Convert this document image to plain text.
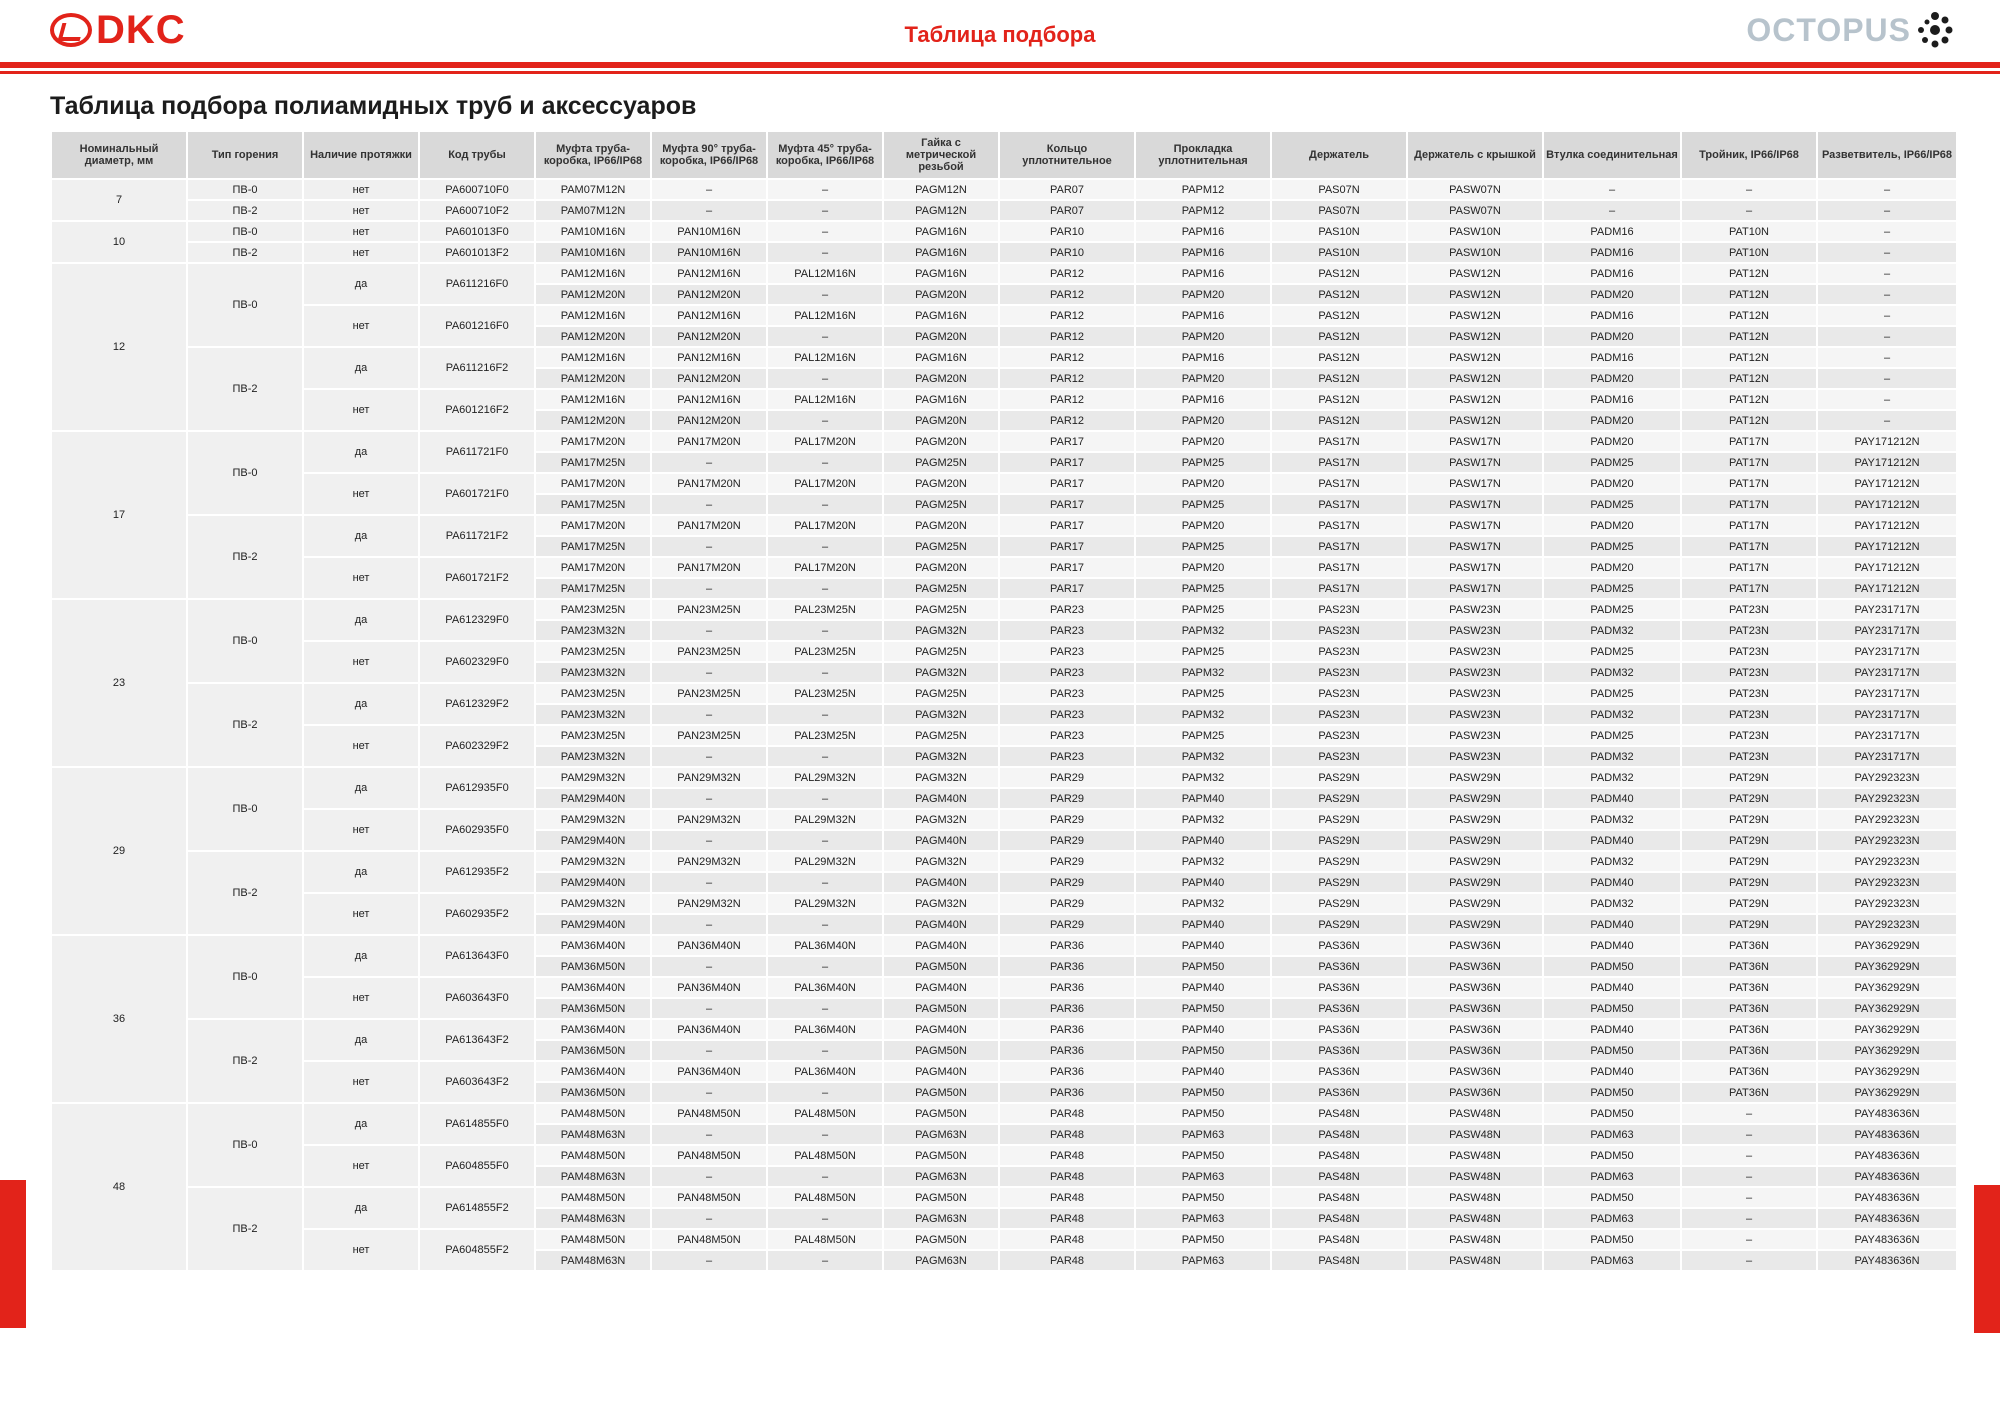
DKC	Таблица подбора	OCTOPUS
Таблица подбора полиамидных труб и аксессуаров
Номинальный диаметр, мм	Тип горения	Наличие протяжки	Код трубы	Муфта труба-коробка, IP66/IP68	Муфта 90° труба-коробка, IP66/IP68	Муфта 45° труба-коробка, IP66/IP68	Гайка с метрической резьбой	Кольцо уплотнительное	Прокладка уплотнительная	Держатель	Держатель с крышкой	Втулка соединительная	Тройник, IP66/IP68	Разветвитель, IP66/IP68
7	ПВ-0	нет	PA600710F0	PAM07M12N	–	–	PAGM12N	PAR07	PAPM12	PAS07N	PASW07N	–	–	–
	ПВ-2	нет	PA600710F2	PAM07M12N	–	–	PAGM12N	PAR07	PAPM12	PAS07N	PASW07N	–	–	–
10	ПВ-0	нет	PA601013F0	PAM10M16N	PAN10M16N	–	PAGM16N	PAR10	PAPM16	PAS10N	PASW10N	PADM16	PAT10N	–
	ПВ-2	нет	PA601013F2	PAM10M16N	PAN10M16N	–	PAGM16N	PAR10	PAPM16	PAS10N	PASW10N	PADM16	PAT10N	–
12	ПВ-0	да	PA611216F0	PAM12M16N	PAN12M16N	PAL12M16N	PAGM16N	PAR12	PAPM16	PAS12N	PASW12N	PADM16	PAT12N	–
				PAM12M20N	PAN12M20N	–	PAGM20N	PAR12	PAPM20	PAS12N	PASW12N	PADM20	PAT12N	–
		нет	PA601216F0	PAM12M16N	PAN12M16N	PAL12M16N	PAGM16N	PAR12	PAPM16	PAS12N	PASW12N	PADM16	PAT12N	–
				PAM12M20N	PAN12M20N	–	PAGM20N	PAR12	PAPM20	PAS12N	PASW12N	PADM20	PAT12N	–
	ПВ-2	да	PA611216F2	PAM12M16N	PAN12M16N	PAL12M16N	PAGM16N	PAR12	PAPM16	PAS12N	PASW12N	PADM16	PAT12N	–
				PAM12M20N	PAN12M20N	–	PAGM20N	PAR12	PAPM20	PAS12N	PASW12N	PADM20	PAT12N	–
		нет	PA601216F2	PAM12M16N	PAN12M16N	PAL12M16N	PAGM16N	PAR12	PAPM16	PAS12N	PASW12N	PADM16	PAT12N	–
				PAM12M20N	PAN12M20N	–	PAGM20N	PAR12	PAPM20	PAS12N	PASW12N	PADM20	PAT12N	–
17	ПВ-0	да	PA611721F0	PAM17M20N	PAN17M20N	PAL17M20N	PAGM20N	PAR17	PAPM20	PAS17N	PASW17N	PADM20	PAT17N	PAY171212N
				PAM17M25N	–	–	PAGM25N	PAR17	PAPM25	PAS17N	PASW17N	PADM25	PAT17N	PAY171212N
		нет	PA601721F0	PAM17M20N	PAN17M20N	PAL17M20N	PAGM20N	PAR17	PAPM20	PAS17N	PASW17N	PADM20	PAT17N	PAY171212N
				PAM17M25N	–	–	PAGM25N	PAR17	PAPM25	PAS17N	PASW17N	PADM25	PAT17N	PAY171212N
	ПВ-2	да	PA611721F2	PAM17M20N	PAN17M20N	PAL17M20N	PAGM20N	PAR17	PAPM20	PAS17N	PASW17N	PADM20	PAT17N	PAY171212N
				PAM17M25N	–	–	PAGM25N	PAR17	PAPM25	PAS17N	PASW17N	PADM25	PAT17N	PAY171212N
		нет	PA601721F2	PAM17M20N	PAN17M20N	PAL17M20N	PAGM20N	PAR17	PAPM20	PAS17N	PASW17N	PADM20	PAT17N	PAY171212N
				PAM17M25N	–	–	PAGM25N	PAR17	PAPM25	PAS17N	PASW17N	PADM25	PAT17N	PAY171212N
23	ПВ-0	да	PA612329F0	PAM23M25N	PAN23M25N	PAL23M25N	PAGM25N	PAR23	PAPM25	PAS23N	PASW23N	PADM25	PAT23N	PAY231717N
				PAM23M32N	–	–	PAGM32N	PAR23	PAPM32	PAS23N	PASW23N	PADM32	PAT23N	PAY231717N
		нет	PA602329F0	PAM23M25N	PAN23M25N	PAL23M25N	PAGM25N	PAR23	PAPM25	PAS23N	PASW23N	PADM25	PAT23N	PAY231717N
				PAM23M32N	–	–	PAGM32N	PAR23	PAPM32	PAS23N	PASW23N	PADM32	PAT23N	PAY231717N
	ПВ-2	да	PA612329F2	PAM23M25N	PAN23M25N	PAL23M25N	PAGM25N	PAR23	PAPM25	PAS23N	PASW23N	PADM25	PAT23N	PAY231717N
				PAM23M32N	–	–	PAGM32N	PAR23	PAPM32	PAS23N	PASW23N	PADM32	PAT23N	PAY231717N
		нет	PA602329F2	PAM23M25N	PAN23M25N	PAL23M25N	PAGM25N	PAR23	PAPM25	PAS23N	PASW23N	PADM25	PAT23N	PAY231717N
				PAM23M32N	–	–	PAGM32N	PAR23	PAPM32	PAS23N	PASW23N	PADM32	PAT23N	PAY231717N
29	ПВ-0	да	PA612935F0	PAM29M32N	PAN29M32N	PAL29M32N	PAGM32N	PAR29	PAPM32	PAS29N	PASW29N	PADM32	PAT29N	PAY292323N
				PAM29M40N	–	–	PAGM40N	PAR29	PAPM40	PAS29N	PASW29N	PADM40	PAT29N	PAY292323N
		нет	PA602935F0	PAM29M32N	PAN29M32N	PAL29M32N	PAGM32N	PAR29	PAPM32	PAS29N	PASW29N	PADM32	PAT29N	PAY292323N
				PAM29M40N	–	–	PAGM40N	PAR29	PAPM40	PAS29N	PASW29N	PADM40	PAT29N	PAY292323N
	ПВ-2	да	PA612935F2	PAM29M32N	PAN29M32N	PAL29M32N	PAGM32N	PAR29	PAPM32	PAS29N	PASW29N	PADM32	PAT29N	PAY292323N
				PAM29M40N	–	–	PAGM40N	PAR29	PAPM40	PAS29N	PASW29N	PADM40	PAT29N	PAY292323N
		нет	PA602935F2	PAM29M32N	PAN29M32N	PAL29M32N	PAGM32N	PAR29	PAPM32	PAS29N	PASW29N	PADM32	PAT29N	PAY292323N
				PAM29M40N	–	–	PAGM40N	PAR29	PAPM40	PAS29N	PASW29N	PADM40	PAT29N	PAY292323N
36	ПВ-0	да	PA613643F0	PAM36M40N	PAN36M40N	PAL36M40N	PAGM40N	PAR36	PAPM40	PAS36N	PASW36N	PADM40	PAT36N	PAY362929N
				PAM36M50N	–	–	PAGM50N	PAR36	PAPM50	PAS36N	PASW36N	PADM50	PAT36N	PAY362929N
		нет	PA603643F0	PAM36M40N	PAN36M40N	PAL36M40N	PAGM40N	PAR36	PAPM40	PAS36N	PASW36N	PADM40	PAT36N	PAY362929N
				PAM36M50N	–	–	PAGM50N	PAR36	PAPM50	PAS36N	PASW36N	PADM50	PAT36N	PAY362929N
	ПВ-2	да	PA613643F2	PAM36M40N	PAN36M40N	PAL36M40N	PAGM40N	PAR36	PAPM40	PAS36N	PASW36N	PADM40	PAT36N	PAY362929N
				PAM36M50N	–	–	PAGM50N	PAR36	PAPM50	PAS36N	PASW36N	PADM50	PAT36N	PAY362929N
		нет	PA603643F2	PAM36M40N	PAN36M40N	PAL36M40N	PAGM40N	PAR36	PAPM40	PAS36N	PASW36N	PADM40	PAT36N	PAY362929N
				PAM36M50N	–	–	PAGM50N	PAR36	PAPM50	PAS36N	PASW36N	PADM50	PAT36N	PAY362929N
48	ПВ-0	да	PA614855F0	PAM48M50N	PAN48M50N	PAL48M50N	PAGM50N	PAR48	PAPM50	PAS48N	PASW48N	PADM50	–	PAY483636N
				PAM48M63N	–	–	PAGM63N	PAR48	PAPM63	PAS48N	PASW48N	PADM63	–	PAY483636N
		нет	PA604855F0	PAM48M50N	PAN48M50N	PAL48M50N	PAGM50N	PAR48	PAPM50	PAS48N	PASW48N	PADM50	–	PAY483636N
				PAM48M63N	–	–	PAGM63N	PAR48	PAPM63	PAS48N	PASW48N	PADM63	–	PAY483636N
	ПВ-2	да	PA614855F2	PAM48M50N	PAN48M50N	PAL48M50N	PAGM50N	PAR48	PAPM50	PAS48N	PASW48N	PADM50	–	PAY483636N
				PAM48M63N	–	–	PAGM63N	PAR48	PAPM63	PAS48N	PASW48N	PADM63	–	PAY483636N
		нет	PA604855F2	PAM48M50N	PAN48M50N	PAL48M50N	PAGM50N	PAR48	PAPM50	PAS48N	PASW48N	PADM50	–	PAY483636N
				PAM48M63N	–	–	PAGM63N	PAR48	PAPM63	PAS48N	PASW48N	PADM63	–	PAY483636N
